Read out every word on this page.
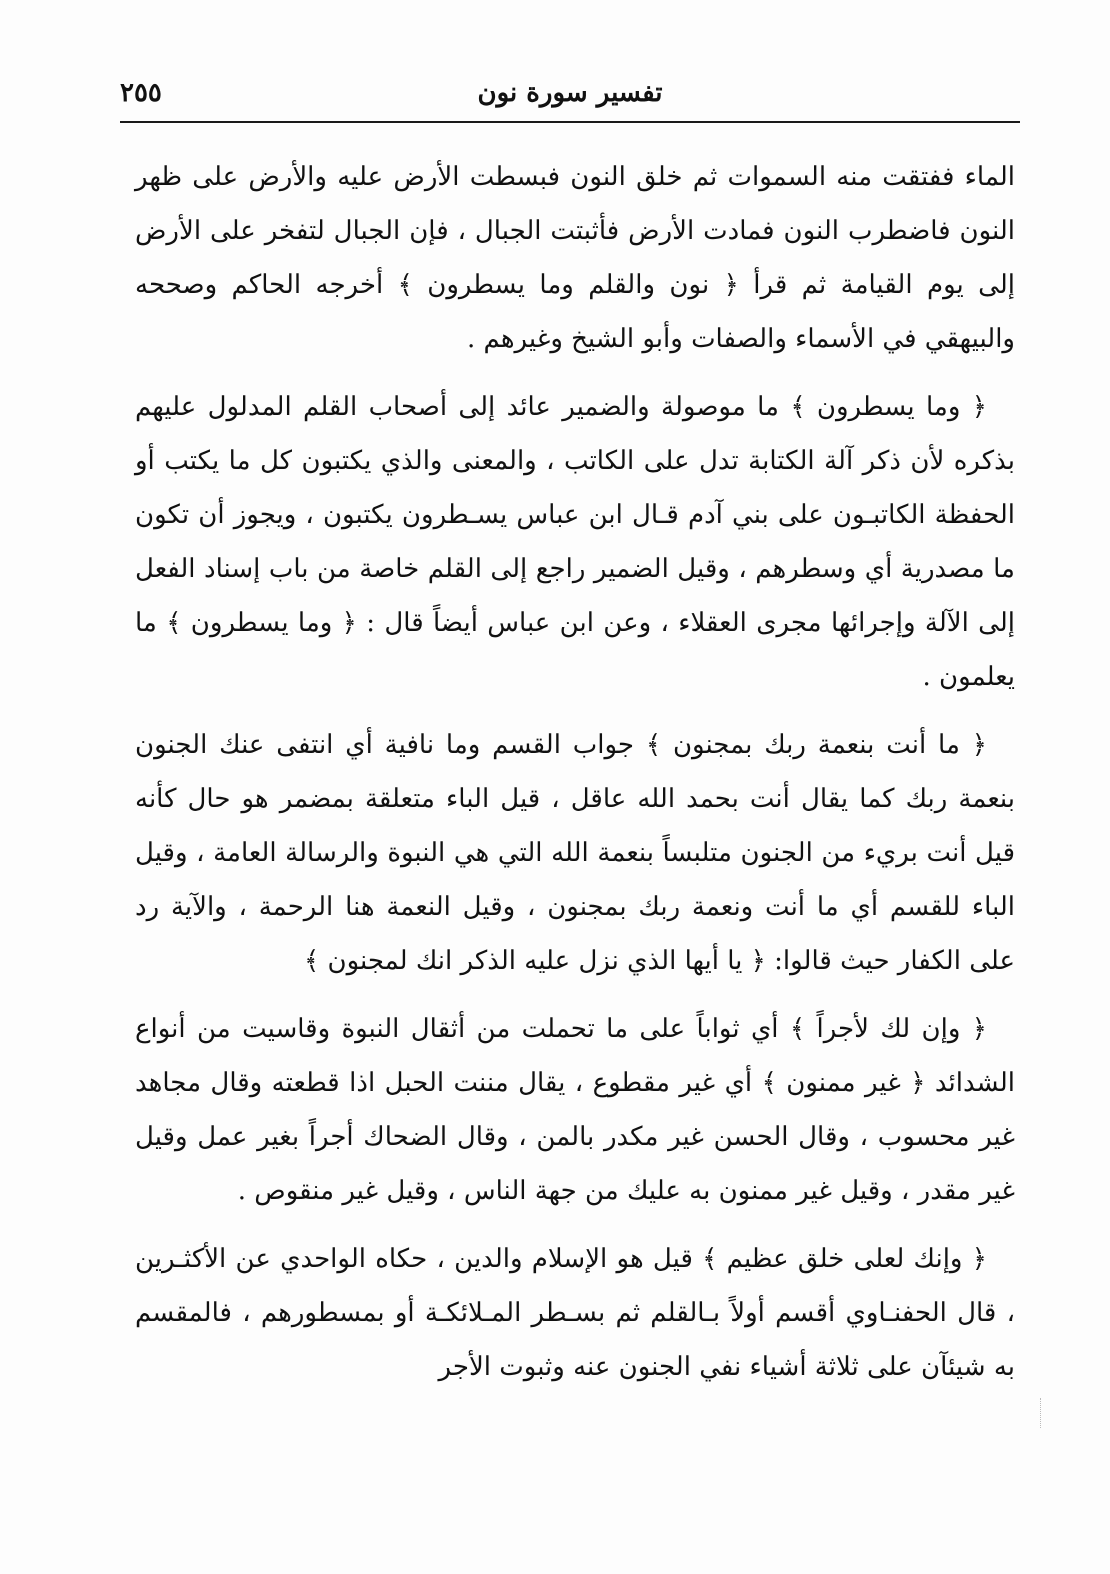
تفسير سورة نون
٢٥٥

الماء ففتقت منه السموات ثم خلق النون فبسطت الأرض عليه والأرض على ظهر النون فاضطرب النون فمادت الأرض فأثبتت الجبال ، فإن الجبال لتفخر على الأرض إلى يوم القيامة ثم قرأ ﴿ نون والقلم وما يسطرون ﴾ أخرجه الحاكم وصححه والبيهقي في الأسماء والصفات وأبو الشيخ وغيرهم .

﴿ وما يسطرون ﴾ ما موصولة والضمير عائد إلى أصحاب القلم المدلول عليهم بذكره لأن ذكر آلة الكتابة تدل على الكاتب ، والمعنى والذي يكتبون كل ما يكتب أو الحفظة الكاتبـون على بني آدم قـال ابن عباس يسـطرون يكتبون ، ويجوز أن تكون ما مصدرية أي وسطرهم ، وقيل الضمير راجع إلى القلم خاصة من باب إسناد الفعل إلى الآلة وإجرائها مجرى العقلاء ، وعن ابن عباس أيضاً قال : ﴿ وما يسطرون ﴾ ما يعلمون .

﴿ ما أنت بنعمة ربك بمجنون ﴾ جواب القسم وما نافية أي انتفى عنك الجنون بنعمة ربك كما يقال أنت بحمد الله عاقل ، قيل الباء متعلقة بمضمر هو حال كأنه قيل أنت بريء من الجنون متلبساً بنعمة الله التي هي النبوة والرسالة العامة ، وقيل الباء للقسم أي ما أنت ونعمة ربك بمجنون ، وقيل النعمة هنا الرحمة ، والآية رد على الكفار حيث قالوا: ﴿ يا أيها الذي نزل عليه الذكر انك لمجنون ﴾

﴿ وإن لك لأجراً ﴾ أي ثواباً على ما تحملت من أثقال النبوة وقاسيت من أنواع الشدائد ﴿ غير ممنون ﴾ أي غير مقطوع ، يقال مننت الحبل اذا قطعته وقال مجاهد غير محسوب ، وقال الحسن غير مكدر بالمن ، وقال الضحاك أجراً بغير عمل وقيل غير مقدر ، وقيل غير ممنون به عليك من جهة الناس ، وقيل غير منقوص .

﴿ وإنك لعلى خلق عظيم ﴾ قيل هو الإسلام والدين ، حكاه الواحدي عن الأكثـرين ، قال الحفنـاوي أقسم أولاً بـالقلم ثم بسـطر المـلائكـة أو بمسطورهم ، فالمقسم به شيئآن على ثلاثة أشياء نفي الجنون عنه وثبوت الأجر
